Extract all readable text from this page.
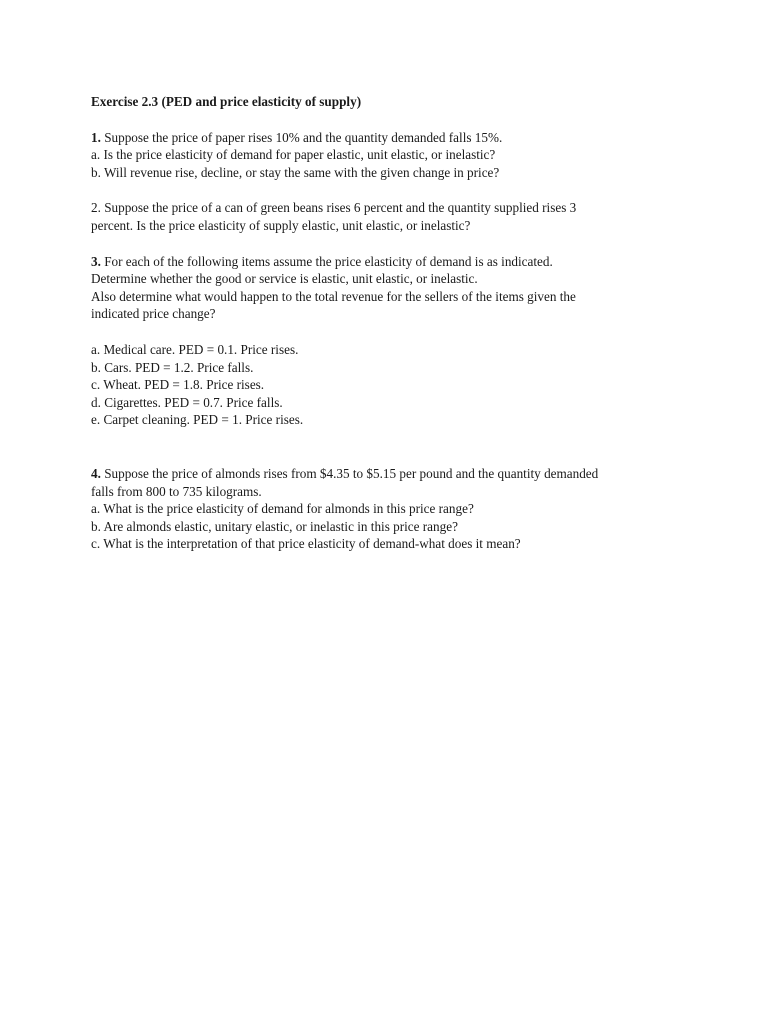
Exercise 2.3 (PED and price elasticity of supply)
1. Suppose the price of paper rises 10% and the quantity demanded falls 15%.
a. Is the price elasticity of demand for paper elastic, unit elastic, or inelastic?
b. Will revenue rise, decline, or stay the same with the given change in price?
2. Suppose the price of a can of green beans rises 6 percent and the quantity supplied rises 3
percent. Is the price elasticity of supply elastic, unit elastic, or inelastic?
3. For each of the following items assume the price elasticity of demand is as indicated.
Determine whether the good or service is elastic, unit elastic, or inelastic.
Also determine what would happen to the total revenue for the sellers of the items given the
indicated price change?
a. Medical care. PED = 0.1. Price rises.
b. Cars. PED = 1.2. Price falls.
c. Wheat. PED = 1.8. Price rises.
d. Cigarettes. PED = 0.7. Price falls.
e. Carpet cleaning. PED = 1. Price rises.
4. Suppose the price of almonds rises from $4.35 to $5.15 per pound and the quantity demanded
falls from 800 to 735 kilograms.
a. What is the price elasticity of demand for almonds in this price range?
b. Are almonds elastic, unitary elastic, or inelastic in this price range?
c. What is the interpretation of that price elasticity of demand-what does it mean?
